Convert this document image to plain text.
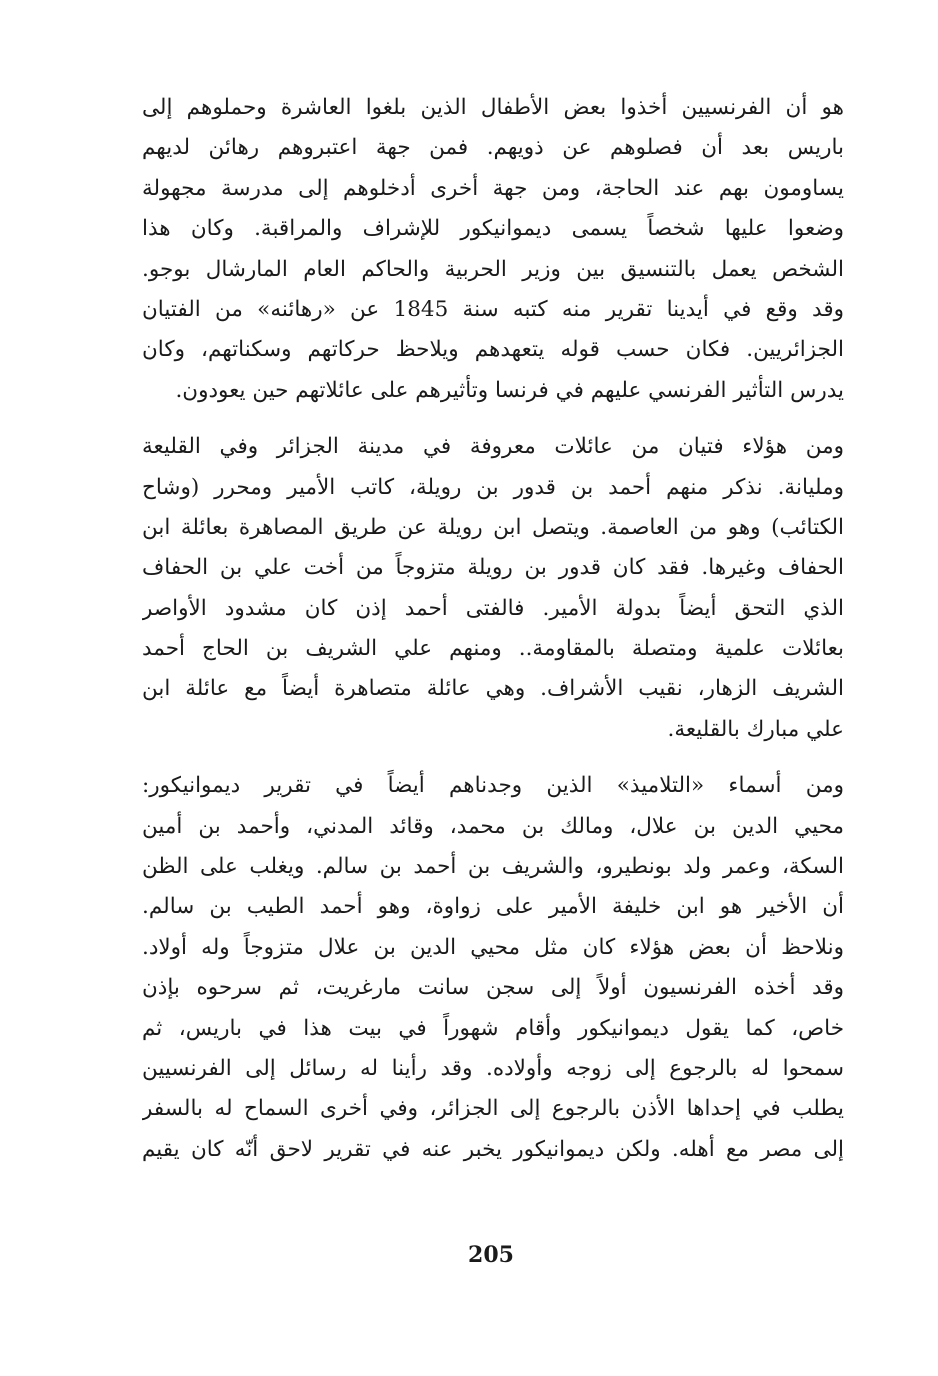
هو أن الفرنسيين أخذوا بعض الأطفال الذين بلغوا العاشرة وحملوهم إلى
باريس بعد أن فصلوهم عن ذويهم. فمن جهة اعتبروهم رهائن لديهم
يساومون بهم عند الحاجة، ومن جهة أخرى أدخلوهم إلى مدرسة مجهولة
وضعوا عليها شخصاً يسمى ديموانيكور للإشراف والمراقبة. وكان هذا
الشخص يعمل بالتنسيق بين وزير الحربية والحاكم العام المارشال بوجو.
وقد وقع في أيدينا تقرير منه كتبه سنة 1845 عن «رهائنه» من الفتيان
الجزائريين. فكان حسب قوله يتعهدهم ويلاحظ حركاتهم وسكناتهم، وكان
يدرس التأثير الفرنسي عليهم في فرنسا وتأثيرهم على عائلاتهم حين يعودون.

ومن هؤلاء فتيان من عائلات معروفة في مدينة الجزائر وفي القليعة
ومليانة. نذكر منهم أحمد بن قدور بن رويلة، كاتب الأمير ومحرر (وشاح
الكتائب) وهو من العاصمة. ويتصل ابن رويلة عن طريق المصاهرة بعائلة ابن
الحفاف وغيرها. فقد كان قدور بن رويلة متزوجاً من أخت علي بن الحفاف
الذي التحق أيضاً بدولة الأمير. فالفتى أحمد إذن كان مشدود الأواصر
بعائلات علمية ومتصلة بالمقاومة.. ومنهم علي الشريف بن الحاج أحمد
الشريف الزهار، نقيب الأشراف. وهي عائلة متصاهرة أيضاً مع عائلة ابن
علي مبارك بالقليعة.

ومن أسماء «التلاميذ» الذين وجدناهم أيضاً في تقرير ديموانيكور:
محيي الدين بن علال، ومالك بن محمد، وقائد المدني، وأحمد بن أمين
السكة، وعمر ولد بونطيرو، والشريف بن أحمد بن سالم. ويغلب على الظن
أن الأخير هو ابن خليفة الأمير على زواوة، وهو أحمد الطيب بن سالم.
ونلاحظ أن بعض هؤلاء كان مثل محيي الدين بن علال متزوجاً وله أولاد.
وقد أخذه الفرنسيون أولاً إلى سجن سانت مارغريت، ثم سرحوه بإذن
خاص، كما يقول ديموانيكور وأقام شهوراً في بيت هذا في باريس، ثم
سمحوا له بالرجوع إلى زوجه وأولاده. وقد رأينا له رسائل إلى الفرنسيين
يطلب في إحداها الأذن بالرجوع إلى الجزائر، وفي أخرى السماح له بالسفر
إلى مصر مع أهله. ولكن ديموانيكور يخبر عنه في تقرير لاحق أنّه كان يقيم

205
